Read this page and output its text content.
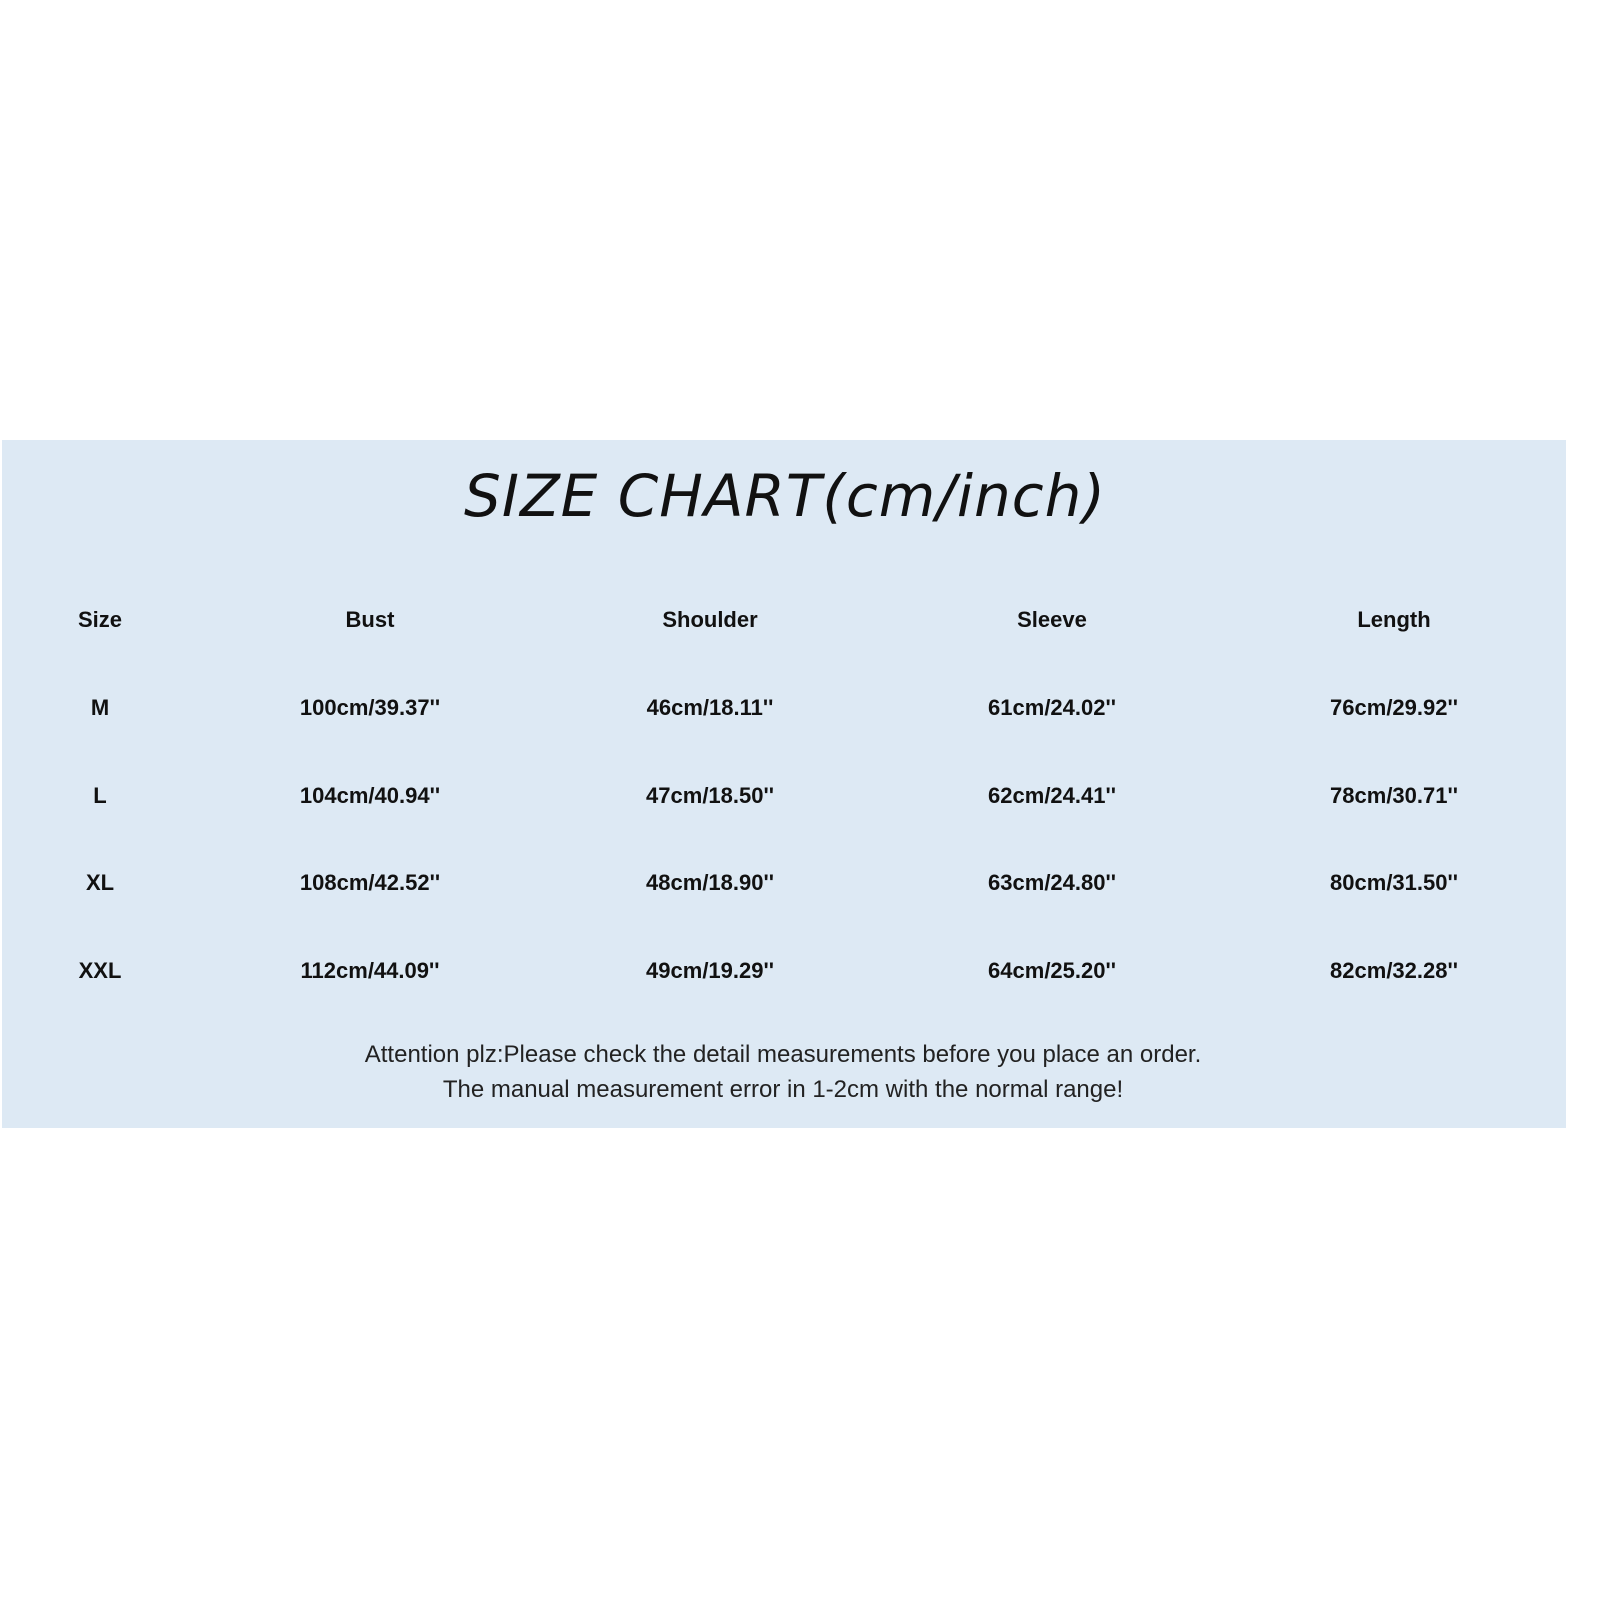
SIZE CHART(cm/inch)
Size	Bust	Shoulder	Sleeve	Length
M	100cm/39.37''	46cm/18.11''	61cm/24.02''	76cm/29.92''
L	104cm/40.94''	47cm/18.50''	62cm/24.41''	78cm/30.71''
XL	108cm/42.52''	48cm/18.90''	63cm/24.80''	80cm/31.50''
XXL	112cm/44.09''	49cm/19.29''	64cm/25.20''	82cm/32.28''
Attention plz:Please check the detail measurements before you place an order.
The manual measurement error in 1-2cm with the normal range!
